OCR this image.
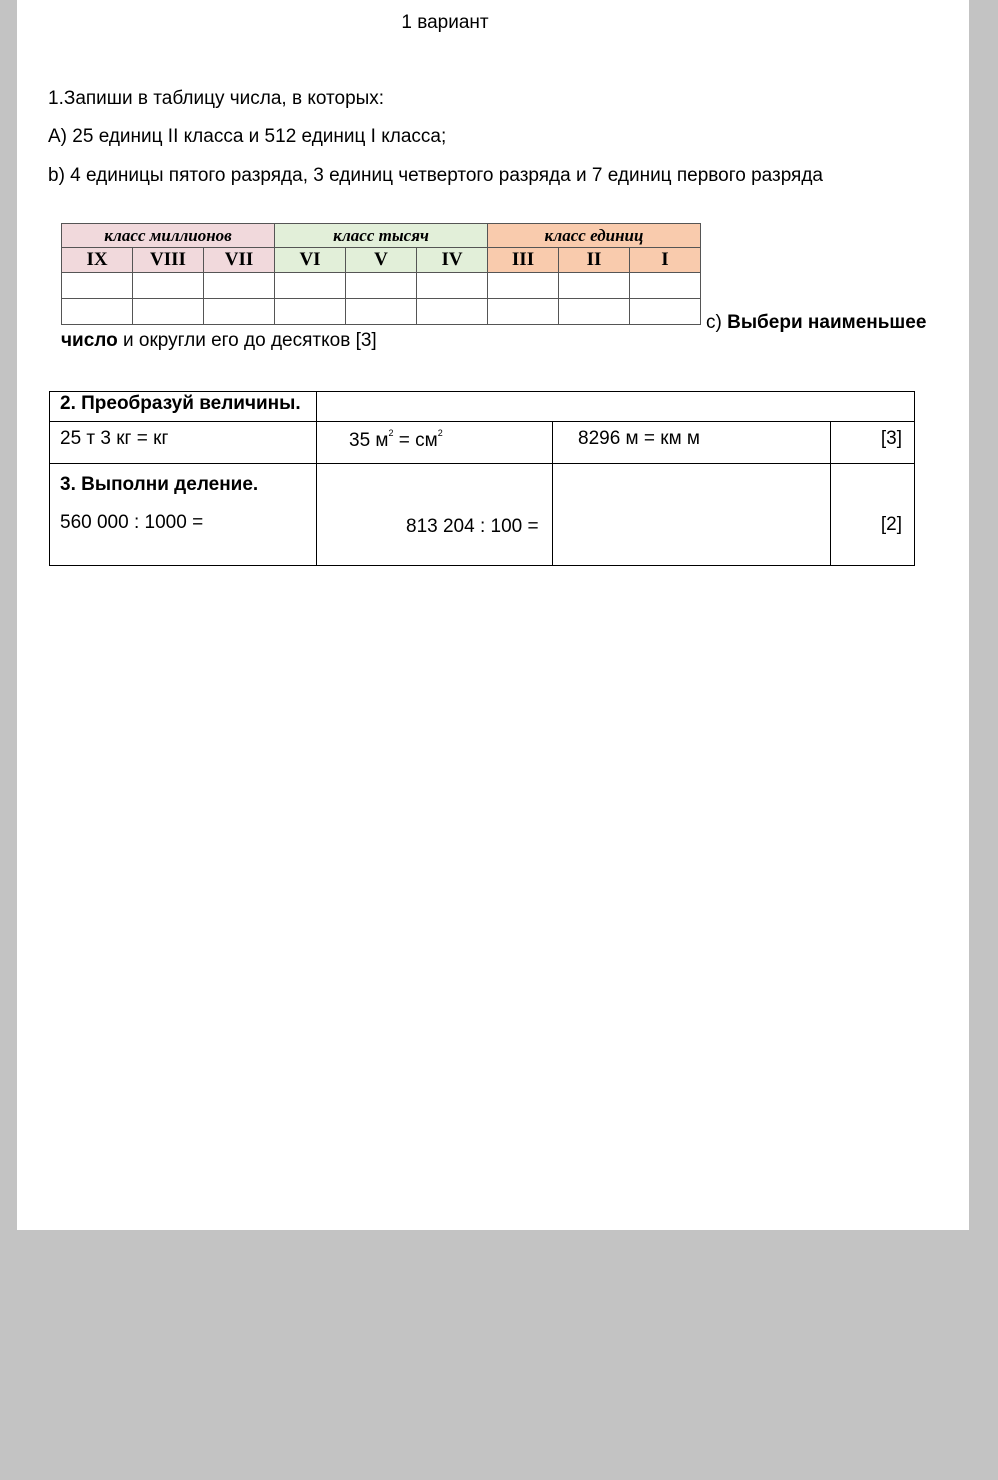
1 вариант
1.Запиши в таблицу числа, в которых:
А) 25 единиц II класса и 512 единиц I класса;
b) 4 единицы пятого разряда, 3 единиц четвертого разряда и 7 единиц первого разряда
класс миллионов			класс тысяч			класс единиц		
IX	VIII	VII	VI	V	IV	III	II	I

с) Выбери наименьшее
число и округли его до десятков [3]
2. Преобразуй величины.			

25 т 3 кг = кг	35 $м^2 = см^2$	8296 м = км м	[3]

3. Выполни деление.
560 000 : 1000 =	813 204 : 100 =		[2]
